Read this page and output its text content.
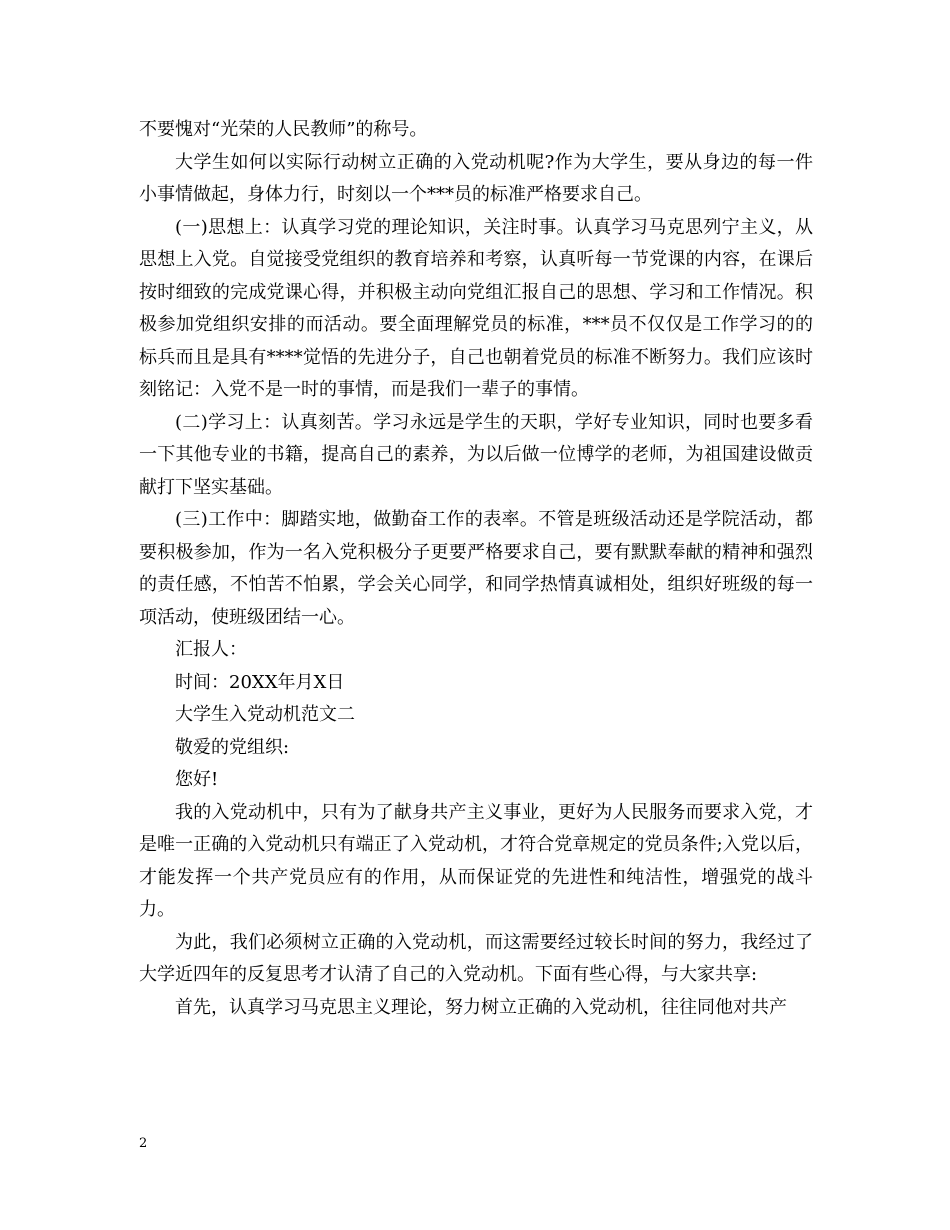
不要愧对“光荣的人民教师”的称号。

大学生如何以实际行动树立正确的入党动机呢?作为大学生，要从身边的每一件小事情做起，身体力行，时刻以一个***员的标准严格要求自己。

(一)思想上：认真学习党的理论知识，关注时事。认真学习马克思列宁主义，从思想上入党。自觉接受党组织的教育培养和考察，认真听每一节党课的内容，在课后按时细致的完成党课心得，并积极主动向党组汇报自己的思想、学习和工作情况。积极参加党组织安排的而活动。要全面理解党员的标准，***员不仅仅是工作学习的的标兵而且是具有****觉悟的先进分子，自己也朝着党员的标准不断努力。我们应该时刻铭记：入党不是一时的事情，而是我们一辈子的事情。

(二)学习上：认真刻苦。学习永远是学生的天职，学好专业知识，同时也要多看一下其他专业的书籍，提高自己的素养，为以后做一位博学的老师，为祖国建设做贡献打下坚实基础。

(三)工作中：脚踏实地，做勤奋工作的表率。不管是班级活动还是学院活动，都要积极参加，作为一名入党积极分子更要严格要求自己，要有默默奉献的精神和强烈的责任感，不怕苦不怕累，学会关心同学，和同学热情真诚相处，组织好班级的每一项活动，使班级团结一心。

汇报人：

时间：20XX年月X日

大学生入党动机范文二

敬爱的党组织:

您好!

我的入党动机中，只有为了献身共产主义事业，更好为人民服务而要求入党，才是唯一正确的入党动机只有端正了入党动机，才符合党章规定的党员条件;入党以后，才能发挥一个共产党员应有的作用，从而保证党的先进性和纯洁性，增强党的战斗力。

为此，我们必须树立正确的入党动机，而这需要经过较长时间的努力，我经过了大学近四年的反复思考才认清了自己的入党动机。下面有些心得，与大家共享:

首先，认真学习马克思主义理论，努力树立正确的入党动机，往往同他对共产

2
